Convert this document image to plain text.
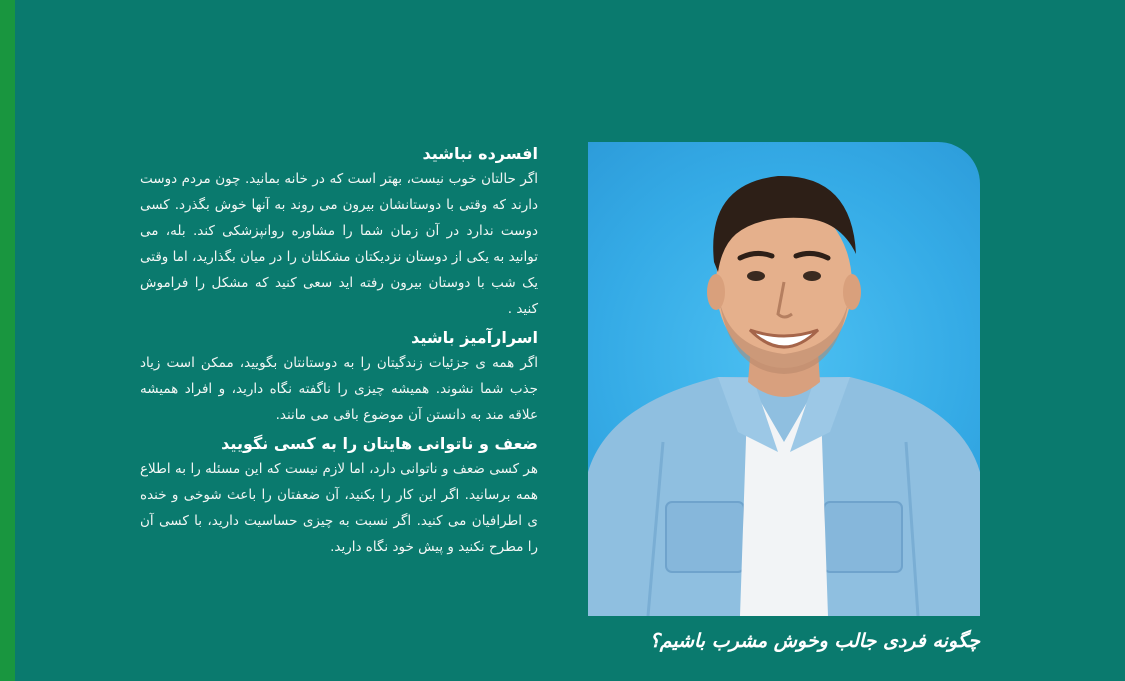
افسرده نباشید

اگر حالتان خوب نیست، بهتر است که در خانه بمانید. چون مردم دوست دارند که وقتی با دوستانشان بیرون می روند به آنها خوش بگذرد. کسی دوست ندارد در آن زمان شما را مشاوره روانپزشکی کند. بله، می توانید به یکی از دوستان نزدیکتان مشکلتان را در میان بگذارید، اما وقتی یک شب با دوستان بیرون رفته اید سعی کنید که مشکل را فراموش کنید .

اسرارآمیز باشید

اگر همه ی جزئیات زندگیتان را به دوستانتان بگویید، ممکن است زیاد جذب شما نشوند. همیشه چیزی را ناگفته نگاه دارید، و افراد همیشه علاقه مند به دانستن آن موضوع باقی می مانند.

ضعف و ناتوانی هایتان را به کسی نگویید

هر کسی ضعف و ناتوانی دارد، اما لازم نیست که این مسئله را به اطلاع همه برسانید. اگر این کار را بکنید، آن ضعفتان را باعث شوخی و خنده ی اطرافیان می کنید. اگر نسبت به چیزی حساسیت دارید، با کسی آن را مطرح نکنید و پیش خود نگاه دارید.

چگونه فردی جالب وخوش مشرب باشیم؟
